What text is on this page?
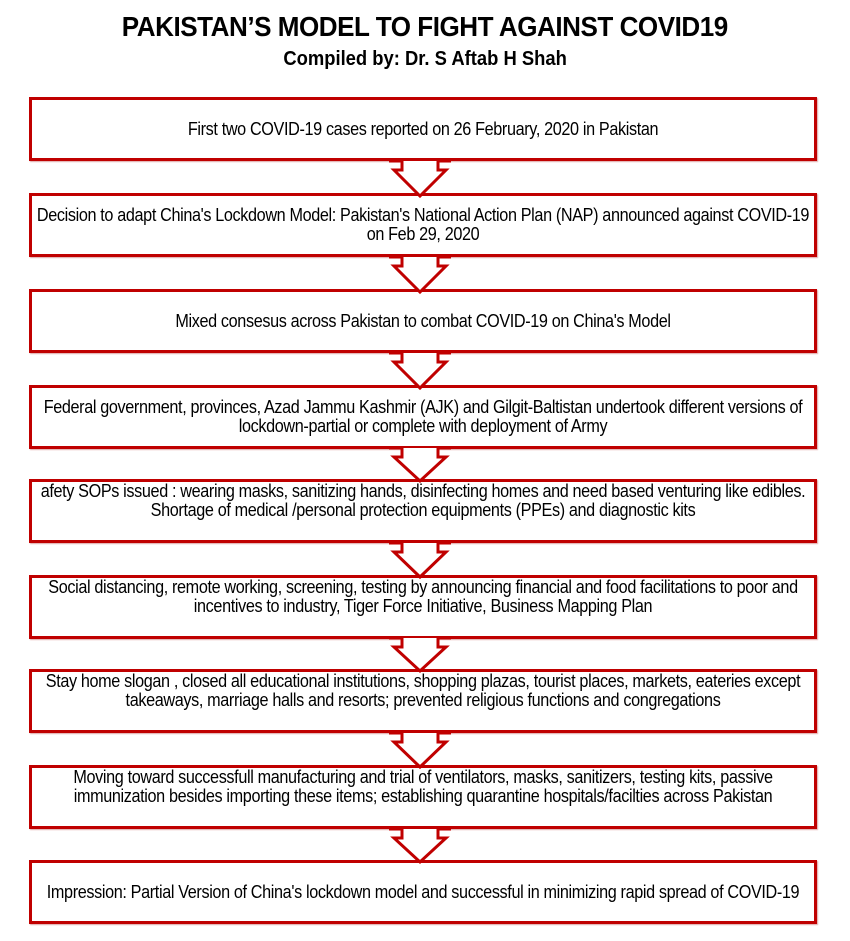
PAKISTAN’S MODEL TO FIGHT AGAINST COVID19
Compiled by: Dr. S Aftab H Shah
First two COVID-19 cases reported on 26 February, 2020 in Pakistan
Decision to adapt China's Lockdown Model: Pakistan's National Action Plan (NAP) announced against COVID-19 on Feb 29, 2020
Mixed consesus across Pakistan to combat COVID-19 on China's Model
Federal government, provinces, Azad Jammu Kashmir (AJK) and Gilgit-Baltistan undertook different versions of lockdown-partial or complete with deployment of Army
afety SOPs issued : wearing masks, sanitizing hands, disinfecting homes and need based venturing like edibles. Shortage of medical /personal protection equipments (PPEs) and diagnostic kits
Social distancing, remote working, screening, testing by announcing financial and food facilitations to poor and incentives to industry, Tiger Force Initiative, Business Mapping Plan
Stay home slogan , closed all educational institutions, shopping plazas, tourist places, markets, eateries except takeaways, marriage halls and resorts; prevented religious functions and congregations
Moving toward successfull manufacturing and trial of ventilators, masks, sanitizers, testing kits, passive immunization besides importing these items; establishing quarantine hospitals/facilties across Pakistan
Impression: Partial Version of China's lockdown model and successful in minimizing rapid spread of COVID-19
